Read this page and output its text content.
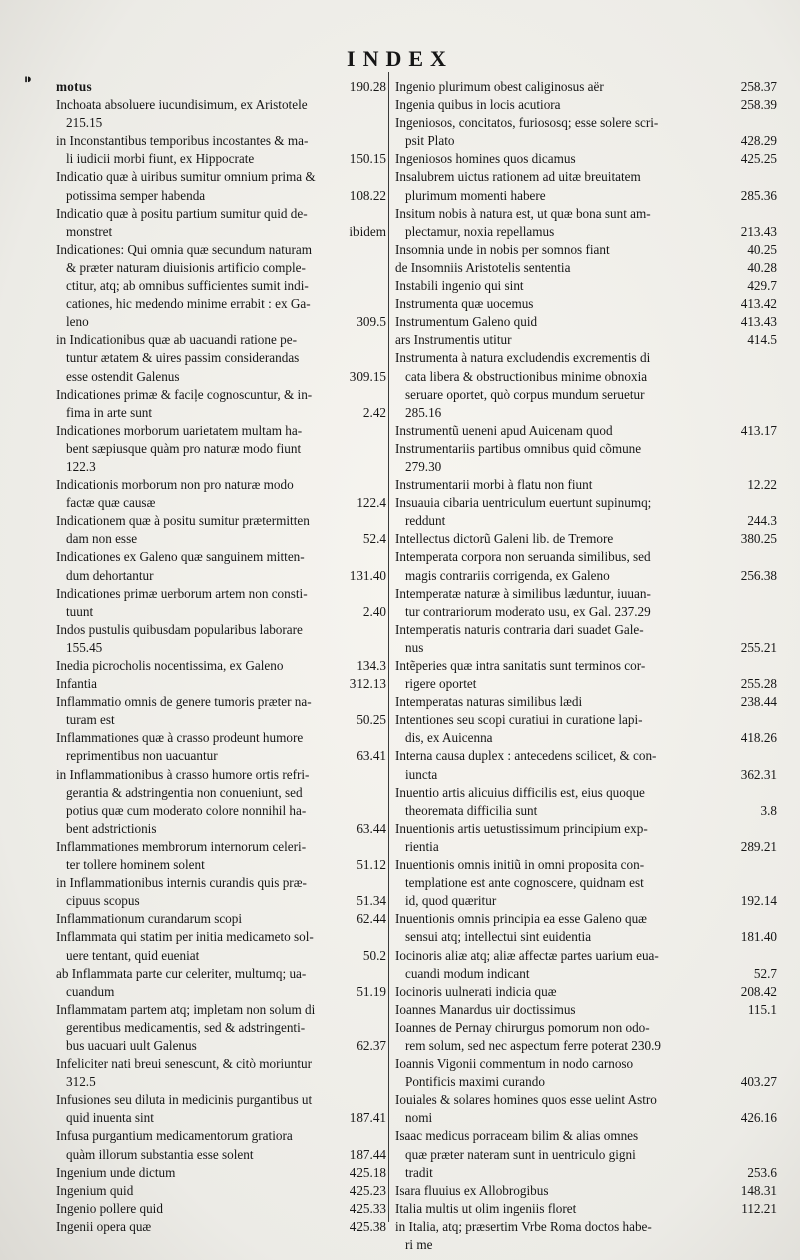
INDEX
⁍ motus	190.28
Inchoata absoluere iucundisimum, ex Aristotele
215.15
in Inconstantibus temporibus incostantes & ma-
li iudicii morbi fiunt, ex Hippocrate	150.15
Indicatio quæ à uiribus sumitur omnium prima &
potissima semper habenda	108.22
Indicatio quæ à positu partium sumitur quid de-
monstret	ibidem
Indicationes: Qui omnia quæ secundum naturam
& præter naturam diuisionis artificio comple-
ctitur, atq; ab omnibus sufficientes sumit indi-
cationes, hic medendo minime errabit : ex Ga-
leno	309.5
in Indicationibus quæ ab uacuandi ratione pe-
tuntur ætatem & uires passim considerandas
esse ostendit Galenus	309.15
Indicationes primæ & faciļe cognoscuntur, & in-
fima in arte sunt	2.42
Indicationes morborum uarietatem multam ha-
bent sæpiusque quàm pro naturæ modo fiunt
122.3
Indicationis morborum non pro naturæ modo
factæ quæ causæ	122.4
Indicationem quæ à positu sumitur prætermitten
dam non esse	52.4
Indicationes ex Galeno quæ sanguinem mitten-
dum dehortantur	131.40
Indicationes primæ uerborum artem non consti-
tuunt	2.40
Indos pustulis quibusdam popularibus laborare
155.45
Inedia picrocholis nocentissima, ex Galeno	134.3
Infantia	312.13
Inflammatio omnis de genere tumoris præter na-
turam est	50.25
Inflammationes quæ à crasso prodeunt humore
reprimentibus non uacuantur	63.41
in Inflammationibus à crasso humore ortis refri-
gerantia & adstringentia non conueniunt, sed
potius quæ cum moderato colore nonnihil ha-
bent adstrictionis	63.44
Inflammationes membrorum internorum celeri-
ter tollere hominem solent	51.12
in Inflammationibus internis curandis quis præ-
cipuus scopus	51.34
Inflammationum curandarum scopi	62.44
Inflammata qui statim per initia medicameto sol-
uere tentant, quid eueniat	50.2
ab Inflammata parte cur celeriter, multumq; ua-
cuandum	51.19
Inflammatam partem atq; impletam non solum di
gerentibus medicamentis, sed & adstringenti-
bus uacuari uult Galenus	62.37
Infeliciter nati breui senescunt, & citò moriuntur
312.5
Infusiones seu diluta in medicinis purgantibus ut
quid inuenta sint	187.41
Infusa purgantium medicamentorum gratiora
quàm illorum substantia esse solent	187.44
Ingenium unde dictum	425.18
Ingenium quid	425.23
Ingenio pollere quid	425.33
Ingenii opera quæ	425.38
Ingenio plurimum obest caliginosus aër	258.37
Ingenia quibus in locis acutiora	258.39
Ingeniosos, concitatos, furiososq; esse solere scri-
psit Plato	428.29
Ingeniosos homines quos dicamus	425.25
Insalubrem uictus rationem ad uitæ breuitatem
plurimum momenti habere	285.36
Insitum nobis à natura est, ut quæ bona sunt am-
plectamur, noxia repellamus	213.43
Insomnia unde in nobis per somnos fiant	40.25
de Insomniis Aristotelis sententia	40.28
Instabili ingenio qui sint	429.7
Instrumenta quæ uocemus	413.42
Instrumentum Galeno quid	413.43
ars Instrumentis utitur	414.5
Instrumenta à natura excludendis excrementis di
cata libera & obstructionibus minime obnoxia
seruare oportet, quò corpus mundum seruetur
285.16
Instrumentũ ueneni apud Auicenam quod	413.17
Instrumentariis partibus omnibus quid cõmune
279.30
Instrumentarii morbi à flatu non fiunt	12.22
Insuauia cibaria uentriculum euertunt supinumq;
reddunt	244.3
Intellectus dictorũ Galeni lib. de Tremore	380.25
Intemperata corpora non seruanda similibus, sed
magis contrariis corrigenda, ex Galeno	256.38
Intemperatæ naturæ à similibus læduntur, iuuan-
tur contrariorum moderato usu, ex Gal. 237.29
Intemperatis naturis contraria dari suadet Gale-
nus	255.21
Intẽperies quæ intra sanitatis sunt terminos cor-
rigere oportet	255.28
Intemperatas naturas similibus lædi	238.44
Intentiones seu scopi curatiui in curatione lapi-
dis, ex Auicenna	418.26
Interna causa duplex : antecedens scilicet, & con-
iuncta	362.31
Inuentio artis alicuius difficilis est, eius quoque
theoremata difficilia sunt	3.8
Inuentionis artis uetustissimum principium exp-
rientia	289.21
Inuentionis omnis initiũ in omni proposita con-
templatione est ante cognoscere, quidnam est
id, quod quæritur	192.14
Inuentionis omnis principia ea esse Galeno quæ
sensui atq; intellectui sint euidentia	181.40
Iocinoris aliæ atq; aliæ affectæ partes uarium eua-
cuandi modum indicant	52.7
Iocinoris uulnerati indicia quæ	208.42
Ioannes Manardus uir doctissimus	115.1
Ioannes de Pernay chirurgus pomorum non odo-
rem solum, sed nec aspectum ferre poterat 230.9
Ioannis Vigonii commentum in nodo carnoso
Pontificis maximi curando	403.27
Iouiales & solares homines quos esse uelint Astro
nomi	426.16
Isaac medicus porraceam bilim & alias omnes
quæ præter nateram sunt in uentriculo gigni
tradit	253.6
Isara fluuius ex Allobrogibus	148.31
Italia multis ut olim ingeniis floret	112.21
in Italia, atq; præsertim Vrbe Roma doctos habe-
ri me
